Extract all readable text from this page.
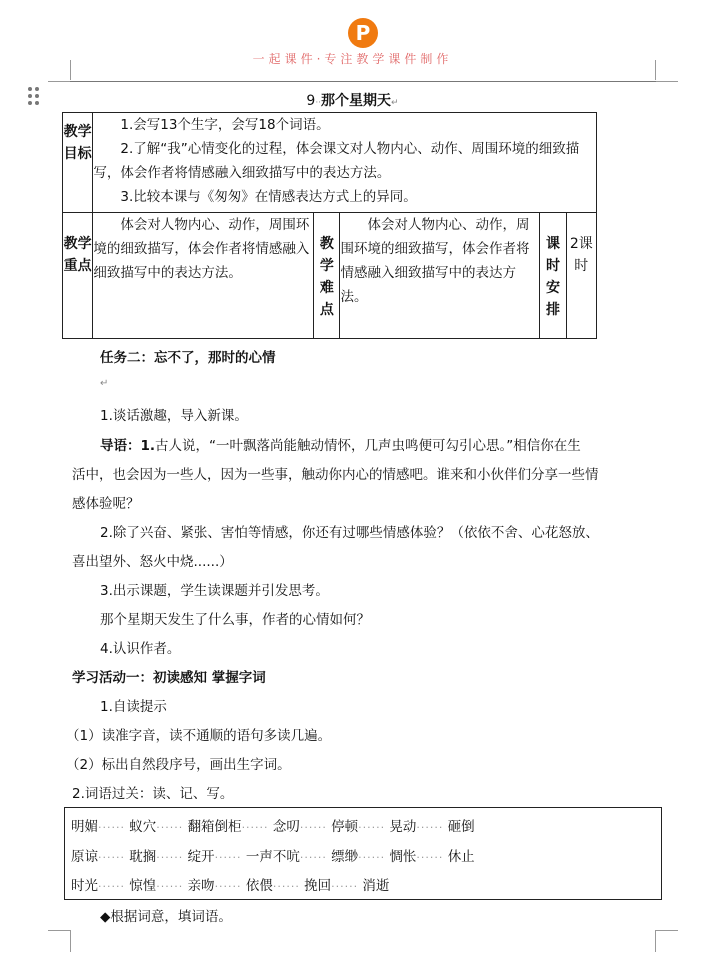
P
一起课件·专注教学课件制作
9··那个星期天↵
教学目标	1.会写13个生字，会写18个词语。
2.了解“我”心情变化的过程，体会课文对人物内心、动作、周围环境的细致描写，体会作者将情感融入细致描写中的表达方法。
3.比较本课与《匆匆》在情感表达方式上的异同。				

教学重点	体会对人物内心、动作，周围环境的细致描写，体会作者将情感融入细致描写中的表达方法。	教学难点	体会对人物内心、动作，周围环境的细致描写，体会作者将情感融入细致描写中的表达方法。	课时安排	2课时
任务二：忘不了，那时的心情
↵
1.谈话激趣，导入新课。
导语：1.古人说，“一叶飘落尚能触动情怀，几声虫鸣便可勾引心思。”相信你在生
活中，也会因为一些人，因为一些事，触动你内心的情感吧。谁来和小伙伴们分享一些情
感体验呢？
2.除了兴奋、紧张、害怕等情感，你还有过哪些情感体验？（依依不舍、心花怒放、
喜出望外、怒火中烧......）
3.出示课题，学生读课题并引发思考。
那个星期天发生了什么事，作者的心情如何？
4.认识作者。
学习活动一：初读感知 掌握字词
1.自读提示
（1）读准字音，读不通顺的语句多读几遍。
（2）标出自然段序号，画出生字词。
2.词语过关：读、记、写。
明媚······ 蚁穴······ 翻箱倒柜······ 念叨······ 停顿······ 晃动······ 砸倒
原谅······ 耽搁······ 绽开······ 一声不吭······ 缥缈······ 惆怅······ 休止
时光······ 惊惶······ 亲吻······ 依偎······ 挽回······ 消逝
◆根据词意，填词语。
